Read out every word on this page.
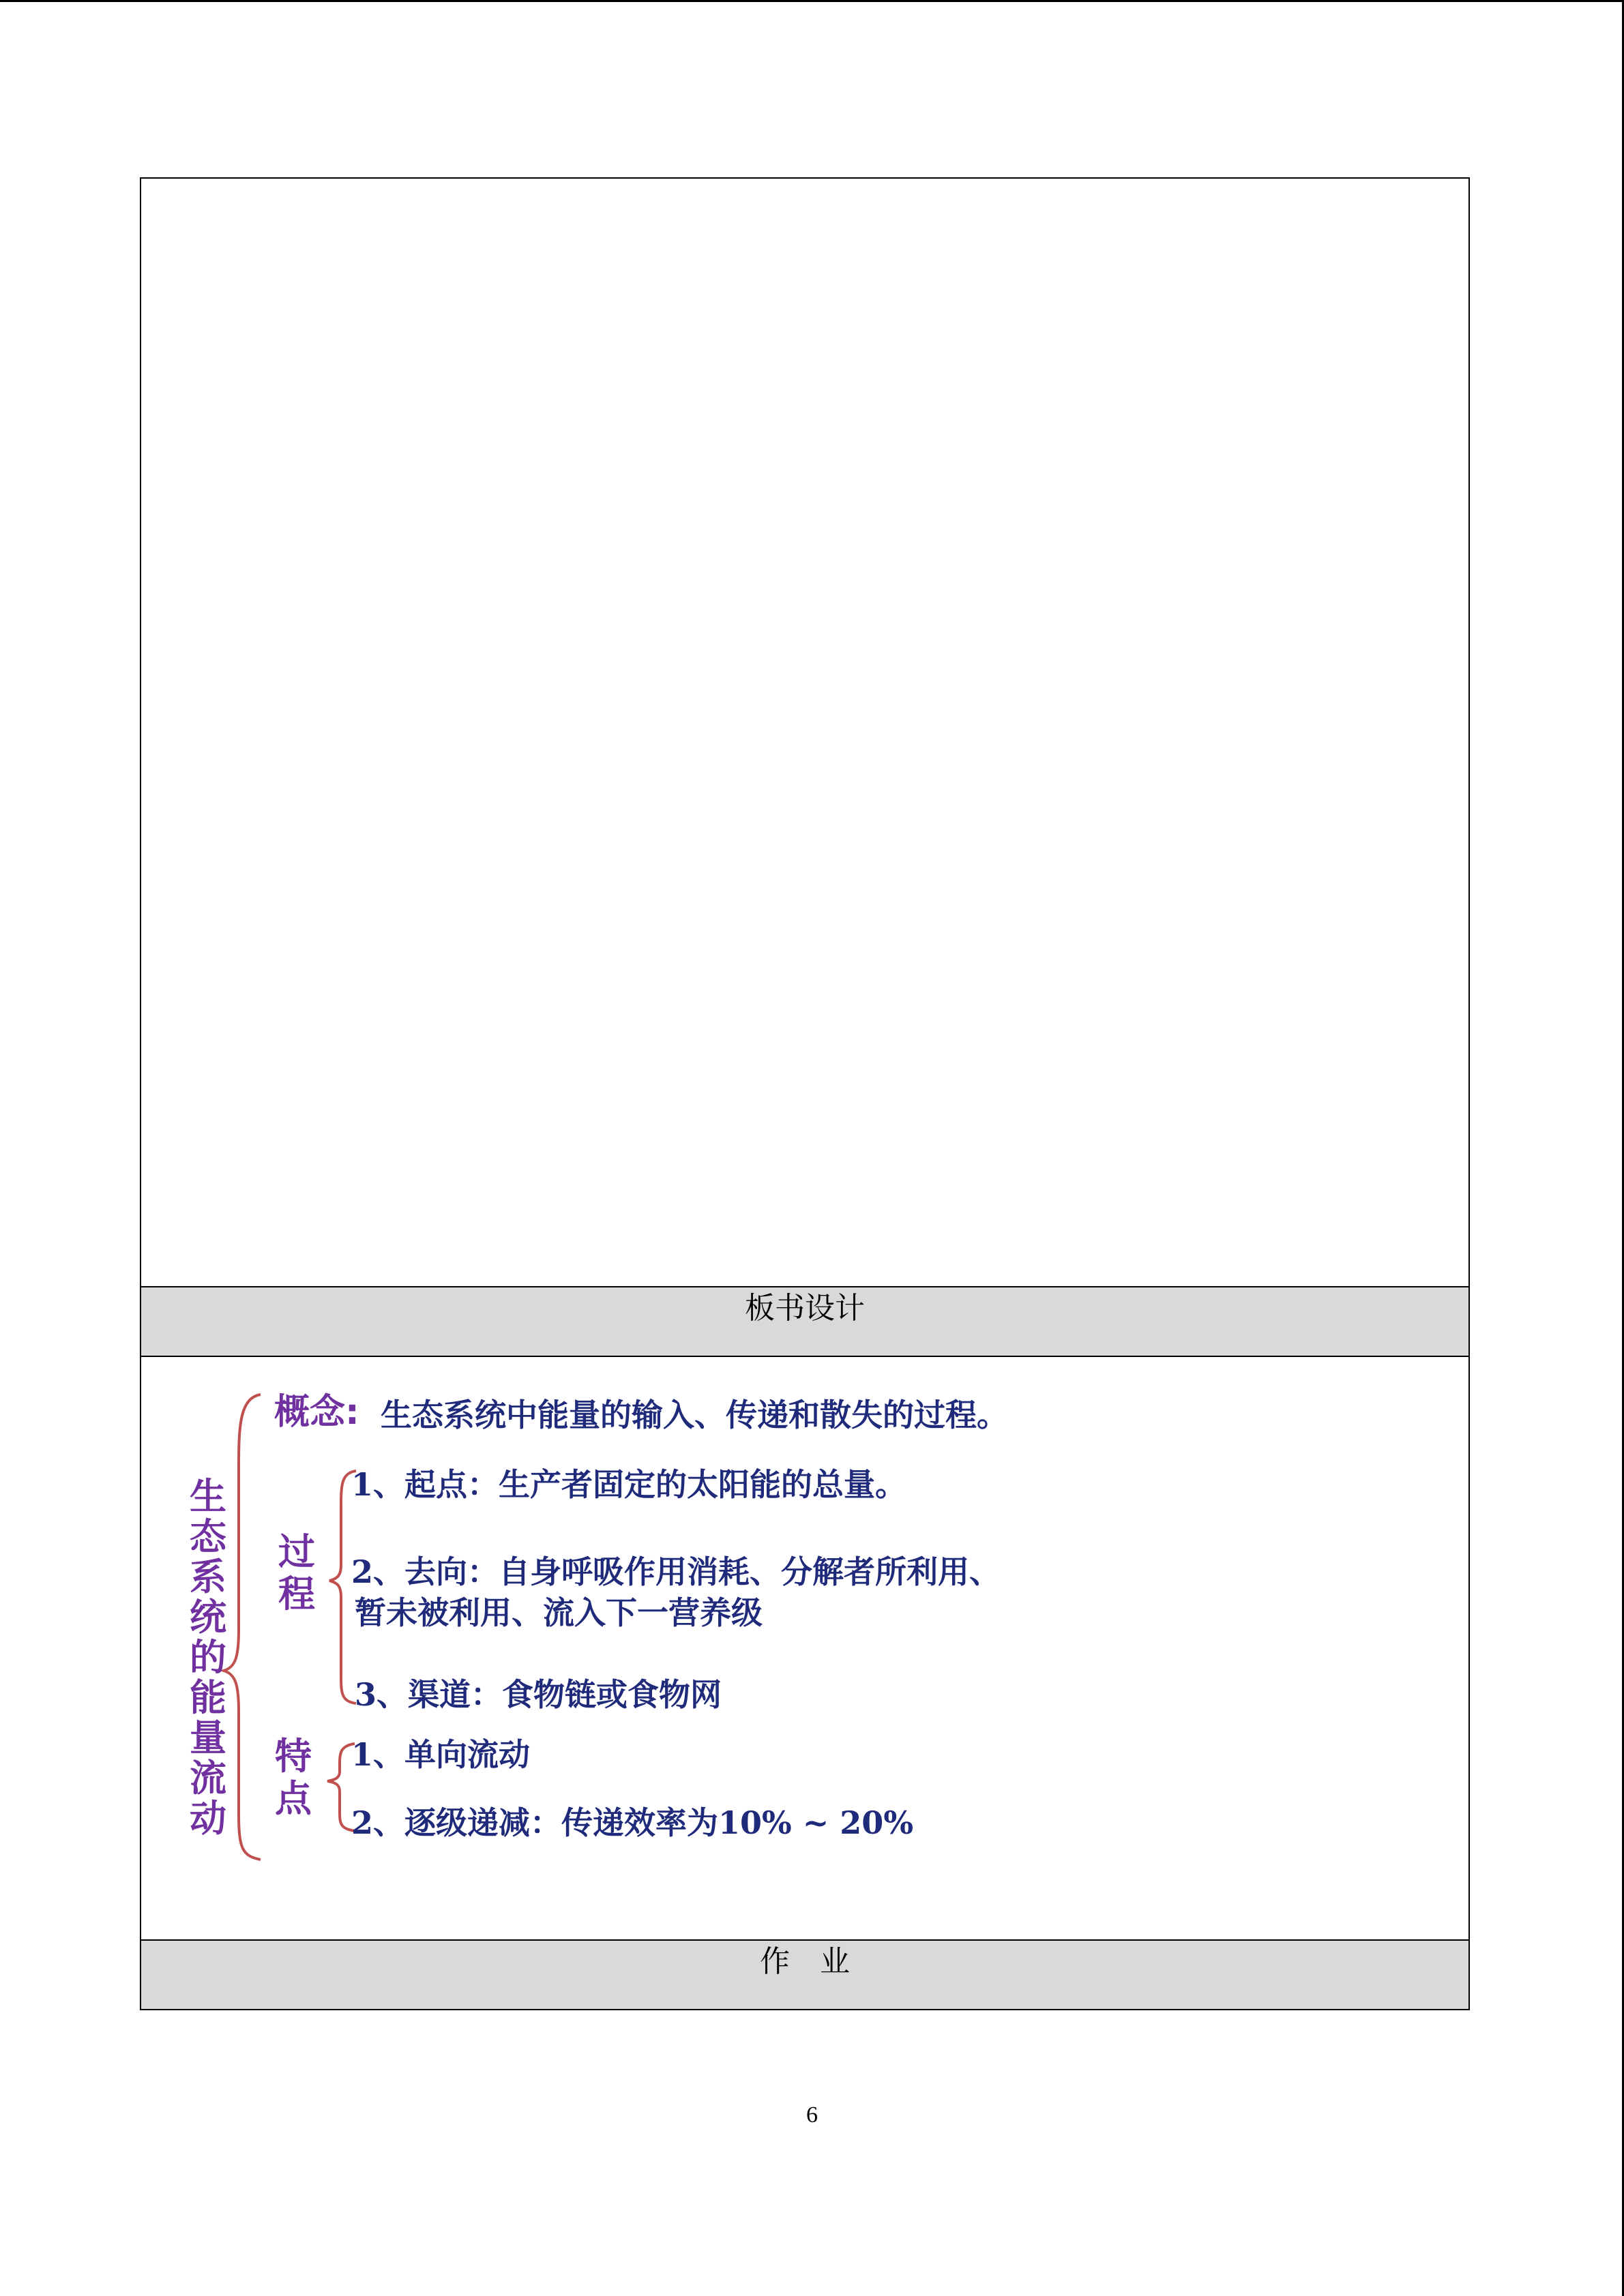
板书设计
作　业
生
态
系
统
的
能
量
流
动
概念: 生态系统中能量的输入、传递和散失的过程。
过
程
1、起点：生产者固定的太阳能的总量。
2、去向：自身呼吸作用消耗、分解者所利用、
暂未被利用、流入下一营养级
3、渠道：食物链或食物网
特
点
1、单向流动
2、逐级递减：传递效率为10% ~ 20%
6
